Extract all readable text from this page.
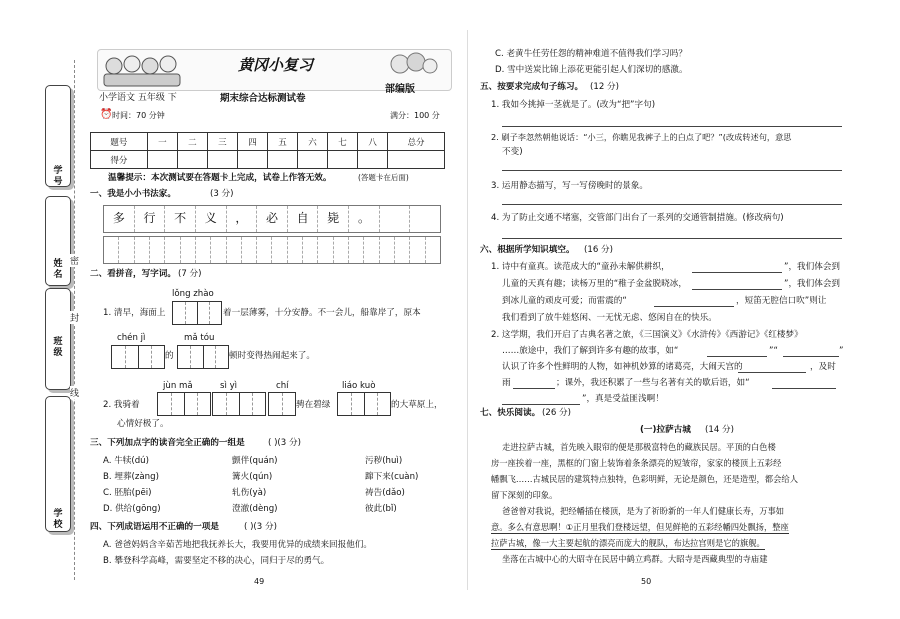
学号
姓名
班级
学校
密
封
线
黄冈小复习
小学语文 五年级 下	期末综合达标测试卷
部编版
⏰ 时间：70 分钟	满分：100 分
题号	一	二	三	四	五	六	七	八	总分
得分									
温馨提示：本次测试要在答题卡上完成，试卷上作答无效。	(答题卡在后面)
一、我是小小书法家。	(3 分)
多	行	不	义	，	必	自	毙	。
二、看拼音，写字词。 (7 分)
lǒng zhào
1. 清早，海面上	着一层薄雾，十分安静。不一会儿，船靠岸了，原本
chén jì	mǎ tóu
的	顿时变得热闹起来了。
jùn mǎ	sì yì	chí	liáo kuò
2. 我骑着	骋在碧绿	的大草原上，
心情好极了。
三、下列加点字的读音完全正确的一组是	( )(3 分)
A. 牛犊(dú)	颤伴(quán)	污秽(huì)
B. 埋葬(zàng)	篝火(qún)	蹿下来(cuàn)
C. 胚胎(pēi)	轧伤(yà)	祷告(dǎo)
D. 供给(gōng)	澄澈(dèng)	彼此(bǐ)
四、下列成语运用不正确的一项是	( )(3 分)
A. 爸爸妈妈含辛茹苦地把我抚养长大，我要用优异的成绩来回报他们。
B. 攀登科学高峰，需要坚定不移的决心，同归于尽的勇气。
49
C. 老黄牛任劳任怨的精神难道不值得我们学习吗？
D. 雪中送炭比锦上添花更能引起人们深切的感激。
五、按要求完成句子练习。 (12 分)
1. 我如今挑掉一茎就是了。(改为“把”字句)
2. 刷子李忽然朝他说话：“小三，你瞧见我裤子上的白点了吧？”(改成转述句，意思
不变)
3. 运用静态描写，写一写傍晚时的景象。
4. 为了防止交通不堵塞，交管部门出台了一系列的交通管制措施。(修改病句)
六、根据所学知识填空。 (16 分)
1. 诗中有童真。读范成大的“童孙未解供耕织，	”，我们体会到
儿童的天真有趣；读杨万里的“稚子金盆脱晓冰，	”，我们体会到
到冰儿童的顽皮可爱；而雷震的“	，短笛无腔信口吹”则让
我们看到了放牛娃悠闲、一无忧无虑、悠闲自在的快乐。
2. 这学期，我们开启了古典名著之旅，《三国演义》《水浒传》《西游记》《红楼梦》
……旅途中，我们了解到许多有趣的故事，如“	”“	”
认识了许多个性鲜明的人物，如神机妙算的诸葛亮，大闹天宫的	，及时
雨	；课外，我还积累了一些与名著有关的歇后语，如“
”，真是受益匪浅啊！
七、快乐阅读。 (26 分)
(一)拉萨古城 (14 分)
走进拉萨古城，首先映入眼帘的便是那极富特色的藏族民居。平顶的白色楼
房一座挨着一座，黑框的门窗上装饰着条条漂亮的短皱帘，家家的楼顶上五彩经
幡飘飞……古城民居的建筑特点独特，色彩明鲜，无论是颜色，还是造型，都会给人
留下深刻的印象。
爸爸曾对我说，把经幡插在楼顶，是为了祈盼新的一年人们健康长寿，万事如
意。多么有意思啊！①正月里我们登楼远望，但见鲜艳的五彩经幡四处飘扬，整座
拉萨古城，像一大主要起航的漂亮而庞大的舰队，布达拉宫则是它的旗舰。
坐落在古城中心的大昭寺在民居中鹤立鸡群。大昭寺是西藏典型的寺庙建
50
